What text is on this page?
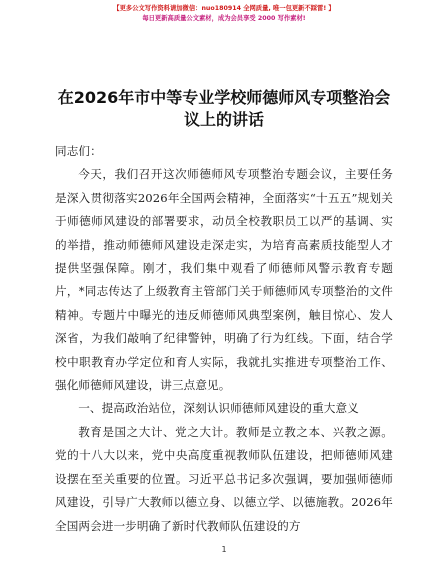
【更多公文写作资料请加微信：nuo180914 全网质量, 唯一包更新不踩雷! 】
每日更新高质量公文素材，成为会员享受 2000 写作素材!
在2026年市中等专业学校师德师风专项整治会议上的讲话

同志们：

今天，我们召开这次师德师风专项整治专题会议，主要任务是深入贯彻落实2026年全国两会精神，全面落实“十五五”规划关于师德师风建设的部署要求，动员全校教职员工以严的基调、实的举措，推动师德师风建设走深走实，为培育高素质技能型人才提供坚强保障。刚才，我们集中观看了师德师风警示教育专题片，*同志传达了上级教育主管部门关于师德师风专项整治的文件精神。专题片中曝光的违反师德师风典型案例，触目惊心、发人深省，为我们敲响了纪律警钟，明确了行为红线。下面，结合学校中职教育办学定位和育人实际，我就扎实推进专项整治工作、强化师德师风建设，讲三点意见。

一、提高政治站位，深刻认识师德师风建设的重大意义

教育是国之大计、党之大计。教师是立教之本、兴教之源。党的十八大以来，党中央高度重视教师队伍建设，把师德师风建设摆在至关重要的位置。习近平总书记多次强调，要加强师德师风建设，引导广大教师以德立身、以德立学、以德施教。2026年全国两会进一步明确了新时代教师队伍建设的方

1
